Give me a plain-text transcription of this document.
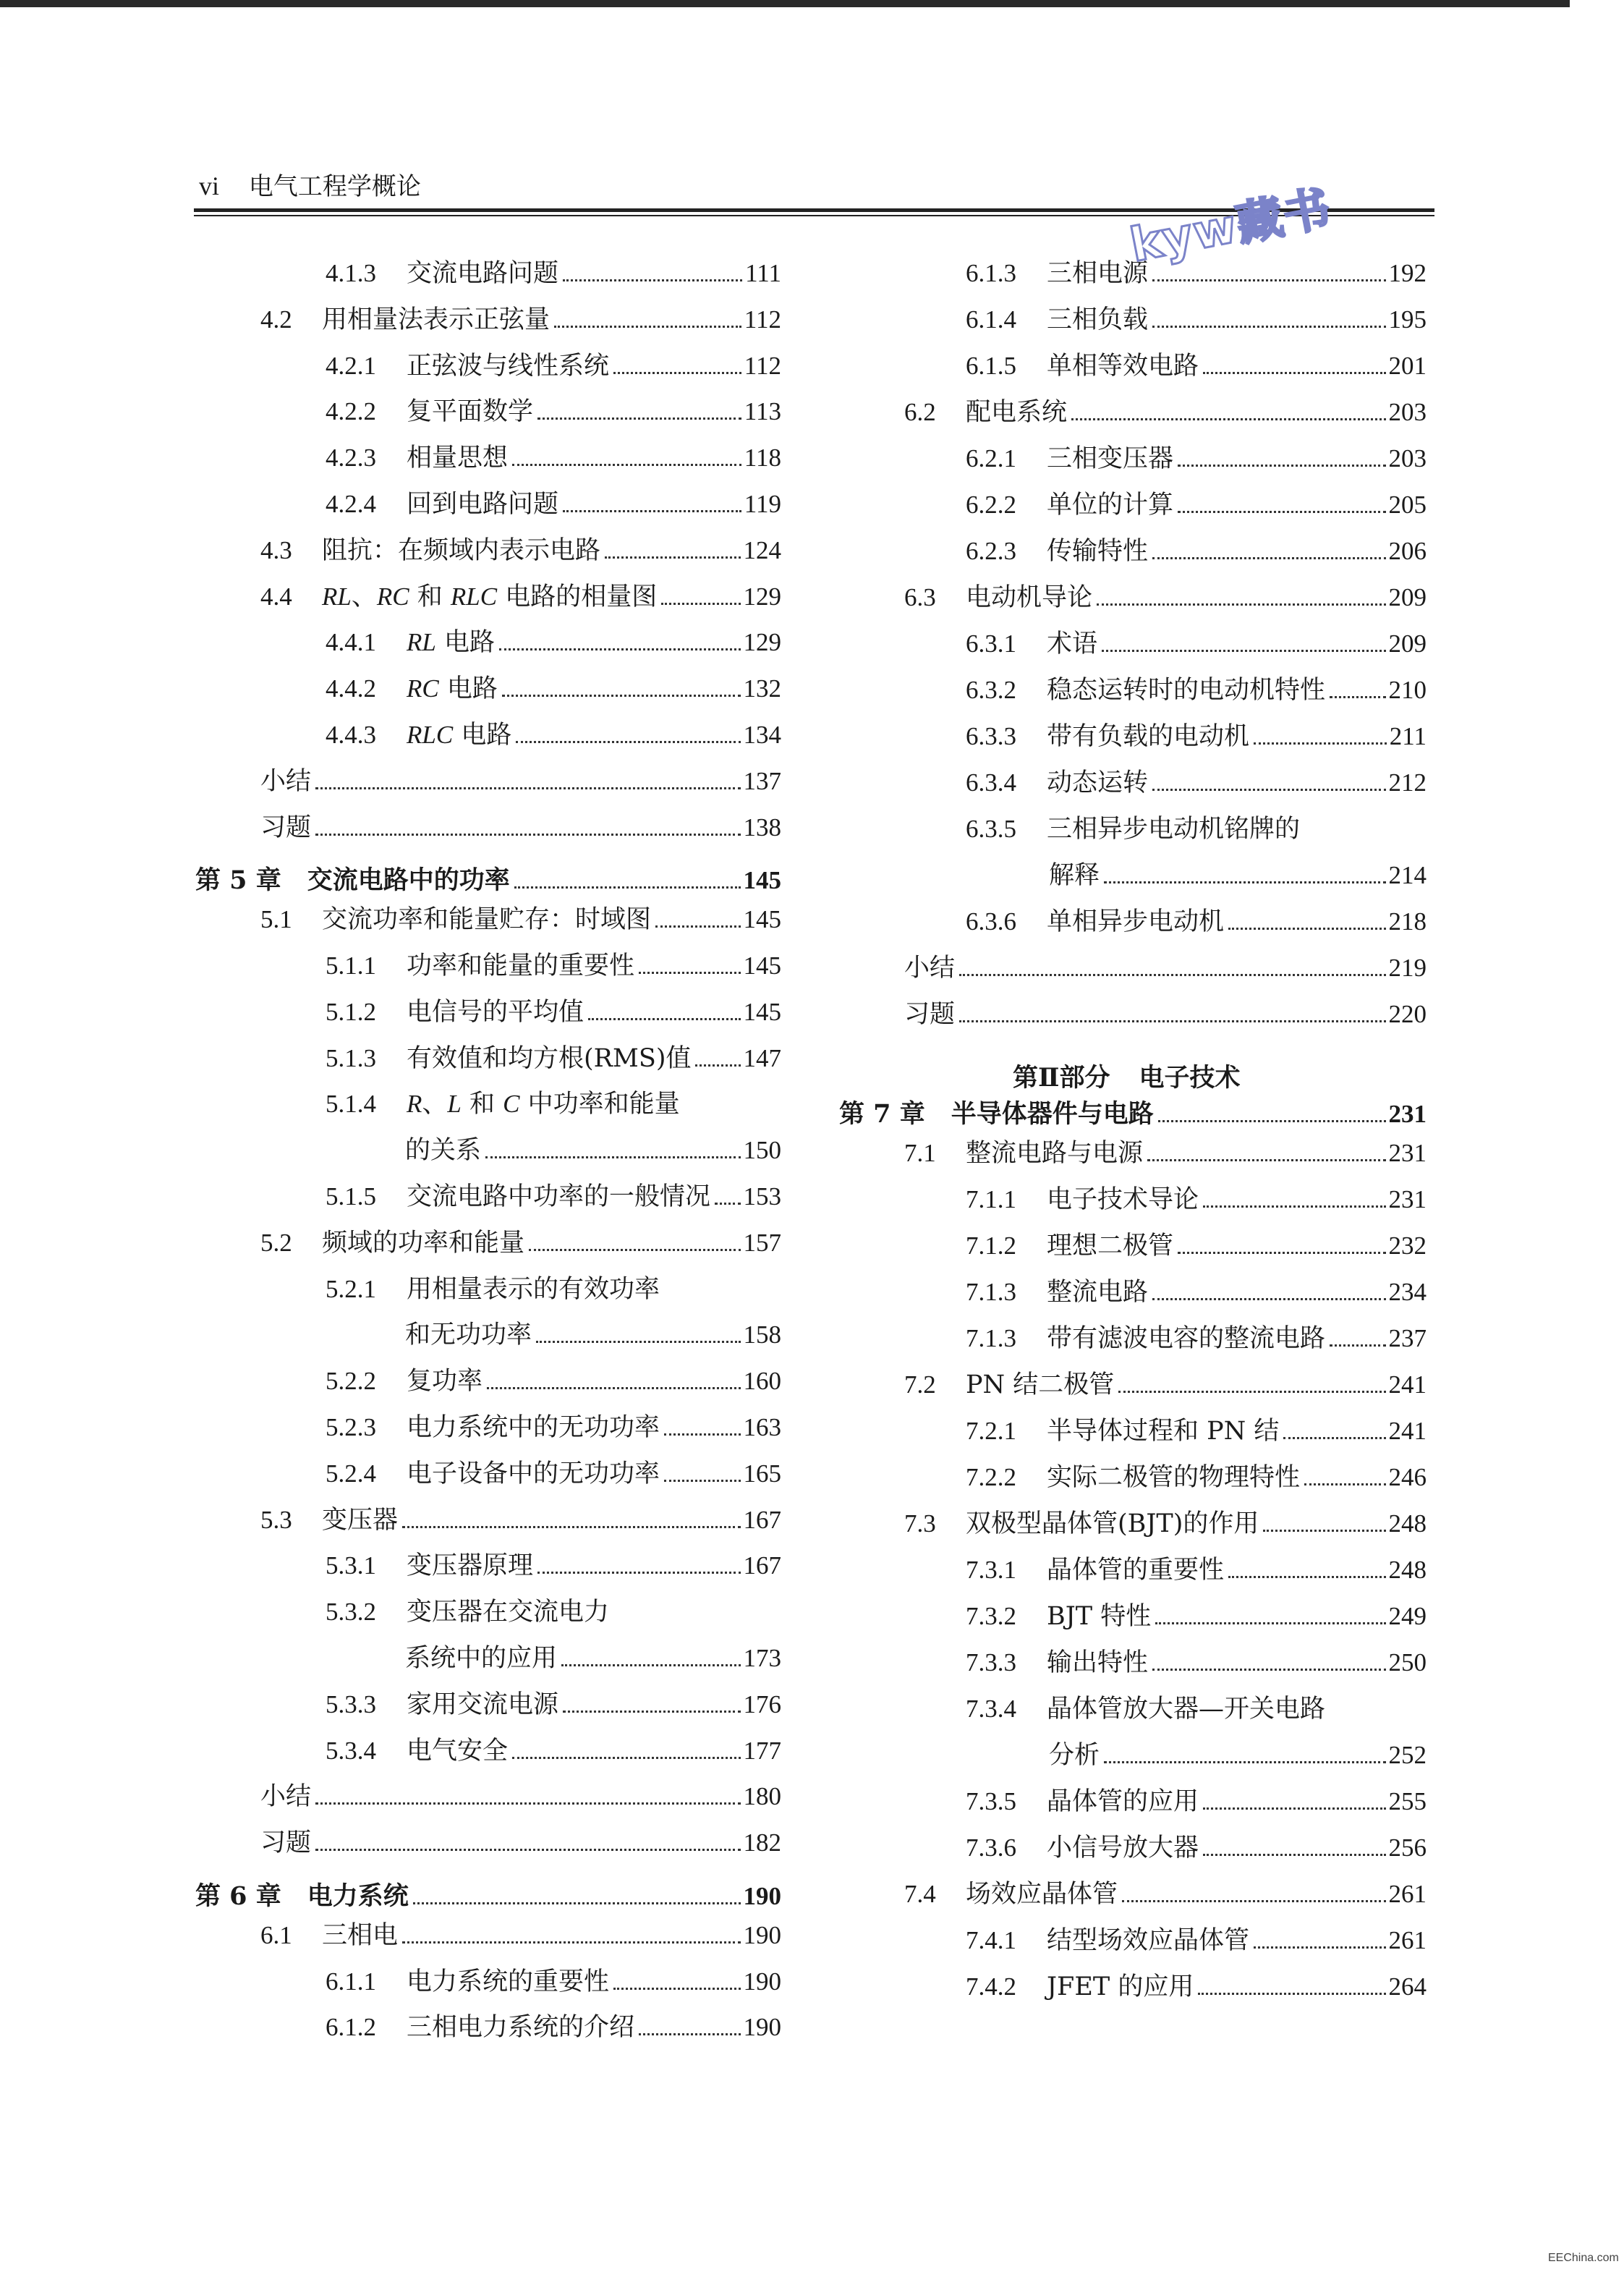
vi 电气工程学概论	kyw藏书
EEChina.com
4.1.3	交流电路问题	111
4.2	用相量法表示正弦量	112
4.2.1	正弦波与线性系统	112
4.2.2	复平面数学	113
4.2.3	相量思想	118
4.2.4	回到电路问题	119
4.3	阻抗：在频域内表示电路	124
4.4	RL、RC 和 RLC 电路的相量图	129
4.4.1	RL 电路	129
4.4.2	RC 电路	132
4.4.3	RLC 电路	134
小结	137
习题	138
第 5 章 交流电路中的功率	145
5.1	交流功率和能量贮存：时域图	145
5.1.1	功率和能量的重要性	145
5.1.2	电信号的平均值	145
5.1.3	有效值和均方根(RMS)值 147
5.1.4	R、L 和 C 中功率和能量
的关系	150
5.1.5	交流电路中功率的一般情况 153
5.2	频域的功率和能量	157
5.2.1	用相量表示的有效功率
和无功功率	158
5.2.2	复功率	160
5.2.3	电力系统中的无功功率	163
5.2.4	电子设备中的无功功率	165
5.3	变压器	167
5.3.1	变压器原理	167
5.3.2	变压器在交流电力
系统中的应用	173
5.3.3	家用交流电源	176
5.3.4	电气安全	177
小结	180
习题	182
第 6 章 电力系统	190
6.1	三相电	190
6.1.1	电力系统的重要性	190
6.1.2	三相电力系统的介绍	190
6.1.3	三相电源	192
6.1.4	三相负载	195
6.1.5	单相等效电路	201
6.2	配电系统	203
6.2.1	三相变压器	203
6.2.2	单位的计算	205
6.2.3	传输特性	206
6.3	电动机导论	209
6.3.1	术语	209
6.3.2	稳态运转时的电动机特性 210
6.3.3	带有负载的电动机	211
6.3.4	动态运转	212
6.3.5	三相异步电动机铭牌的
解释	214
6.3.6	单相异步电动机	218
小结	219
习题	220
第Ⅱ部分 电子技术
第 7 章 半导体器件与电路	231
7.1	整流电路与电源	231
7.1.1	电子技术导论	231
7.1.2	理想二极管	232
7.1.3	整流电路	234
7.1.3	带有滤波电容的整流电路 237
7.2	PN 结二极管	241
7.2.1	半导体过程和 PN 结	241
7.2.2	实际二极管的物理特性	246
7.3	双极型晶体管(BJT)的作用	248
7.3.1	晶体管的重要性	248
7.3.2	BJT 特性	249
7.3.3	输出特性	250
7.3.4	晶体管放大器—开关电路
分析	252
7.3.5	晶体管的应用	255
7.3.6	小信号放大器	256
7.4	场效应晶体管	261
7.4.1	结型场效应晶体管	261
7.4.2	JFET 的应用	264
